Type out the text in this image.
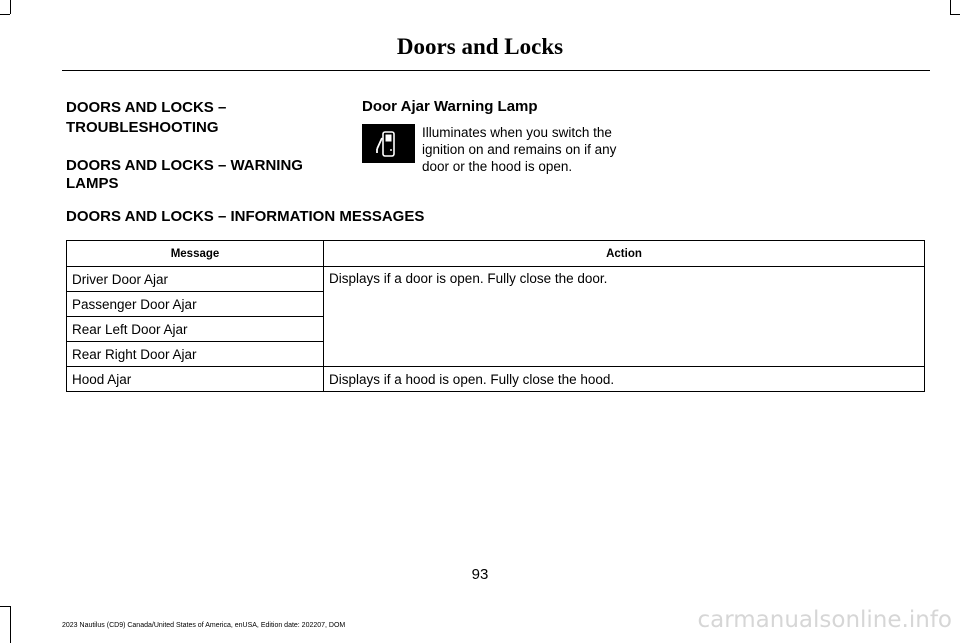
Doors and Locks

DOORS AND LOCKS –

TROUBLESHOOTING

DOORS AND LOCKS – WARNING
LAMPS

Door Ajar Warning Lamp

Illuminates when you switch the
ignition on and remains on if any
door or the hood is open.

DOORS AND LOCKS – INFORMATION MESSAGES

Message	Action
Driver Door Ajar	Displays if a door is open. Fully close the door.
Passenger Door Ajar	
Rear Left Door Ajar	
Rear Right Door Ajar	
Hood Ajar	Displays if a hood is open. Fully close the hood.
93
2023 Nautilus (CD9) Canada/United States of America, enUSA, Edition date: 202207, DOM	carmanualsonline.info
